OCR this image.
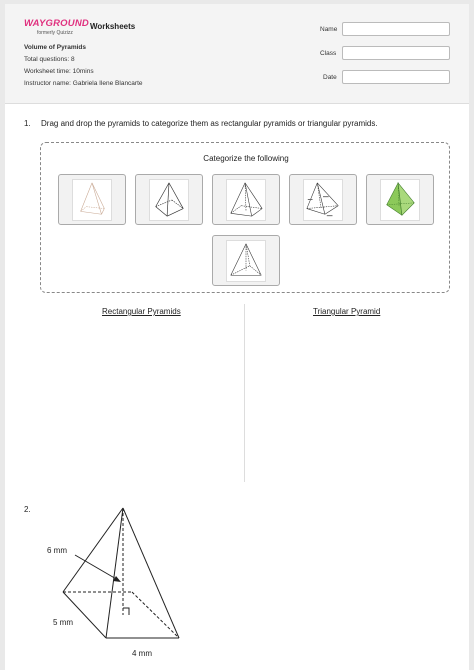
WAYGROUND
formerly Quizizz
Worksheets
Volume of Pyramids
Total questions: 8
Worksheet time: 10mins
Instructor name: Gabriela Ilene Blancarte
Name
Class
Date
1. Drag and drop the pyramids to categorize them as rectangular pyramids or triangular pyramids.
Categorize the following
Rectangular Pyramids	Triangular Pyramid
2.
6 mm
5 mm
4 mm
